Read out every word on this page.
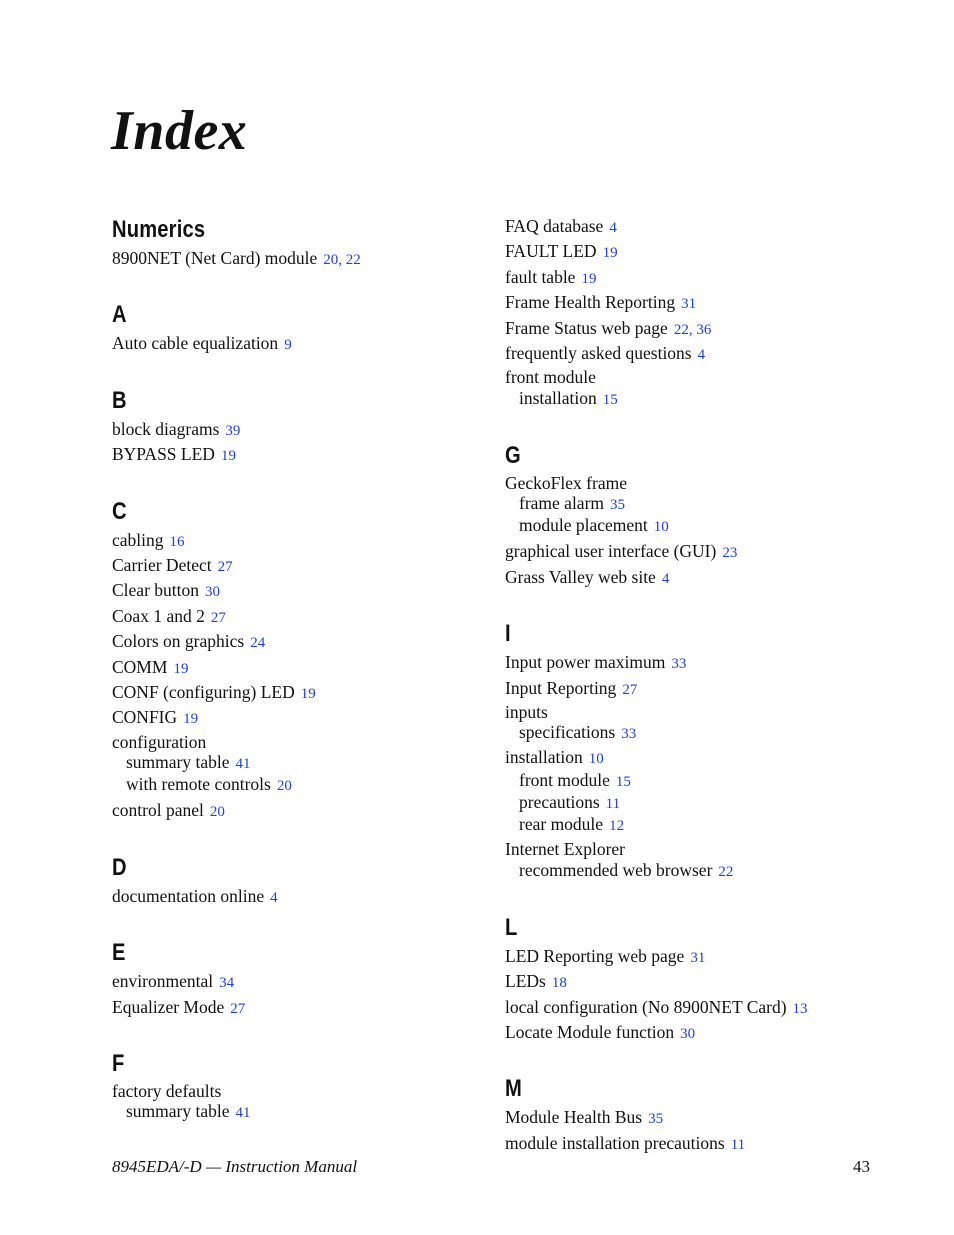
Index
Numerics
8900NET (Net Card) module 20, 22
A
Auto cable equalization 9
B
block diagrams 39
BYPASS LED 19
C
cabling 16
Carrier Detect 27
Clear button 30
Coax 1 and 2 27
Colors on graphics 24
COMM 19
CONF (configuring) LED 19
CONFIG 19
configuration
summary table 41
with remote controls 20
control panel 20
D
documentation online 4
E
environmental 34
Equalizer Mode 27
F
factory defaults
summary table 41
FAQ database 4
FAULT LED 19
fault table 19
Frame Health Reporting 31
Frame Status web page 22, 36
frequently asked questions 4
front module
installation 15
G
GeckoFlex frame
frame alarm 35
module placement 10
graphical user interface (GUI) 23
Grass Valley web site 4
I
Input power maximum 33
Input Reporting 27
inputs
specifications 33
installation 10
front module 15
precautions 11
rear module 12
Internet Explorer
recommended web browser 22
L
LED Reporting web page 31
LEDs 18
local configuration (No 8900NET Card) 13
Locate Module function 30
M
Module Health Bus 35
module installation precautions 11
8945EDA/-D — Instruction Manual	43
